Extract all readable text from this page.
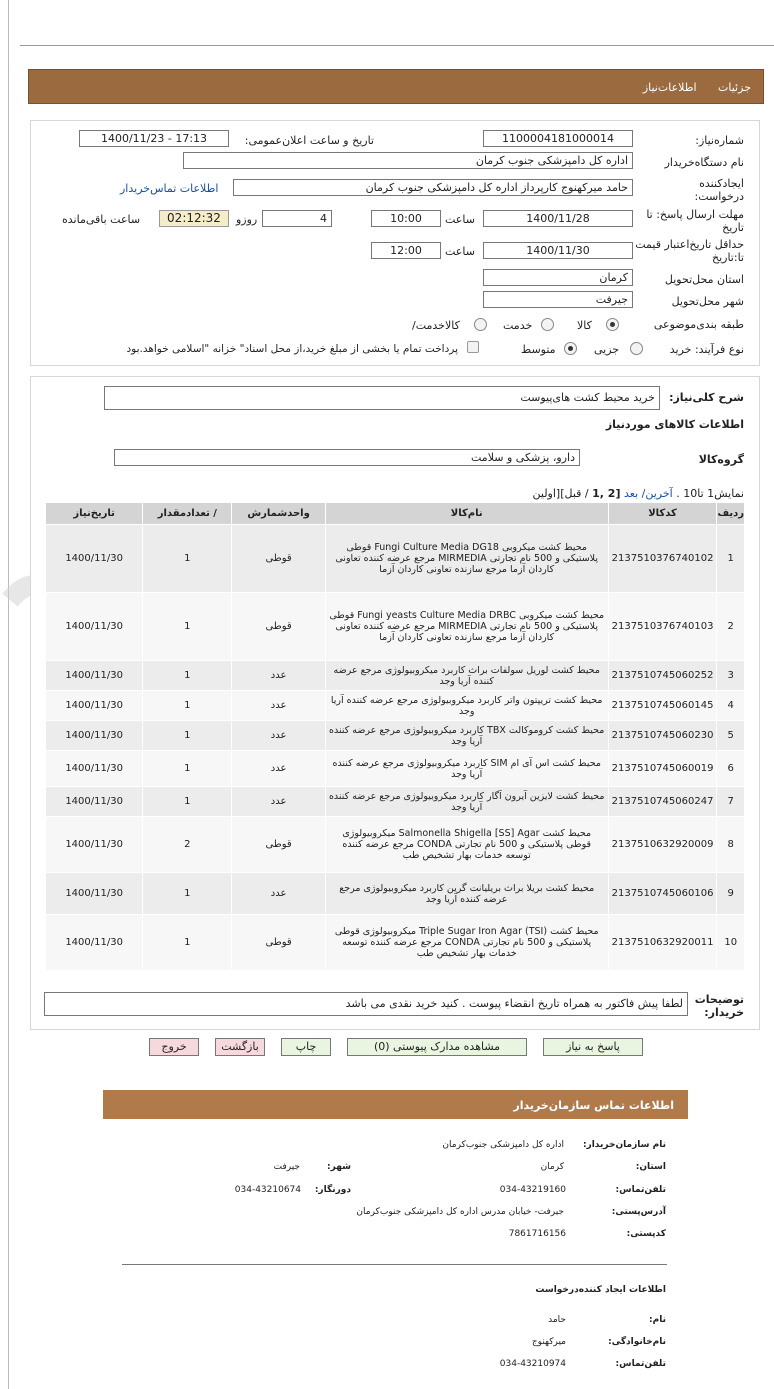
جزئیات اطلاعات‌نیاز
شماره‌نیاز:
1100004181000014
تاریخ و ساعت اعلان‌عمومی:
1400/11/23 - 17:13
نام دستگاه‌خریدار
اداره کل دامپزشکی جنوب کرمان
ایجادکننده درخواست:
حامد میرکهنوج کارپرداز اداره کل دامپزشکی جنوب کرمان
اطلاعات تماس‌خریدار
مهلت ارسال پاسخ: تا تاریخ
1400/11/28
ساعت
10:00
4
روزو
02:12:32
ساعت باقی‌مانده
حداقل تاریخ‌اعتبار قیمت تا:تاریخ
1400/11/30
ساعت
12:00
استان محل‌تحویل
کرمان
شهر محل‌تحویل
جیرفت
طبقه بندی‌موضوعی
کالا
خدمت
کالاخدمت/
نوع فرآیند: خرید
جزیی
متوسط
پرداخت تمام یا بخشی از مبلغ خرید،از محل اسناد" خزانه "اسلامی خواهد.بود
شرح کلی‌نیاز:
خرید محیط کشت های‌پیوست
اطلاعات کالاهای موردنیاز
گروه‌کالا
دارو، پزشکی و سلامت
نمایش1 تا10 . آخرین/ بعد [2 ,1 / قبل][اولین
ردیف	کدکالا	نام‌کالا	واحدشمارش	/ تعدادمقدار	تاریخ‌نیاز
1	2137510376740102	محیط کشت میکروبی Fungi Culture Media DG18 قوطی پلاستیکی و 500 نام تجارتی MIRMEDIA مرجع عرضه کننده تعاونی کاردان آزما مرجع سازنده تعاونی کاردان آزما	قوطی	1	1400/11/30
2	2137510376740103	محیط کشت میکروبی Fungi yeasts Culture Media DRBC قوطی پلاستیکی و 500 نام تجارتی MIRMEDIA مرجع عرضه کننده تعاونی کاردان آزما مرجع سازنده تعاونی کاردان آزما	قوطی	1	1400/11/30
3	2137510745060252	محیط کشت لوریل سولفات براث کاربرد میکروبیولوژی مرجع عرضه کننده آریا وجد	عدد	1	1400/11/30
4	2137510745060145	محیط کشت تریپتون واتر کاربرد میکروبیولوژی مرجع عرضه کننده آریا وجد	عدد	1	1400/11/30
5	2137510745060230	محیط کشت کروموکالت TBX کاربرد میکروبیولوژی مرجع عرضه کننده آریا وجد	عدد	1	1400/11/30
6	2137510745060019	محیط کشت اس آی ام SIM کاربرد میکروبیولوژی مرجع عرضه کننده آریا وجد	عدد	1	1400/11/30
7	2137510745060247	محیط کشت لایزین آیرون آگار کاربرد میکروبیولوژی مرجع عرضه کننده آریا وجد	عدد	1	1400/11/30
8	2137510632920009	محیط کشت Salmonella Shigella [SS] Agar میکروبیولوژی قوطی پلاستیکی و 500 نام تجارتی CONDA مرجع عرضه کننده توسعه خدمات بهار تشخیص طب	قوطی	2	1400/11/30
9	2137510745060106	محیط کشت بریلا براث بریلیانت گرین کاربرد میکروبیولوژی مرجع عرضه کننده آریا وجد	عدد	1	1400/11/30
10	2137510632920011	محیط کشت Triple Sugar Iron Agar (TSI) میکروبیولوژی قوطی پلاستیکی و 500 نام تجارتی CONDA مرجع عرضه کننده توسعه خدمات بهار تشخیص طب	قوطی	1	1400/11/30
توضیحات خریدار:
لطفا پیش فاکتور به همراه تاریخ انقضاء پیوست . کنید خرید نقدی می باشد
پاسخ به نیاز
مشاهده مدارک پیوستی (0)
چاپ
بازگشت
خروج
اطلاعات تماس سازمان‌خریدار
نام سازمان‌خریدار:
اداره کل دامپزشکی جنوب‌کرمان
استان:
کرمان
شهر:
جیرفت
تلفن‌تماس:
034-43219160
دورنگار:
034-43210674
آدرس‌پستی:
جیرفت- خیابان مدرس اداره کل دامپزشکی جنوب‌کرمان
کدپستی:
7861716156
اطلاعات ایجاد کننده‌درخواست
نام:
حامد
نام‌خانوادگی:
میرکهنوج
تلفن‌تماس:
034-43210974
